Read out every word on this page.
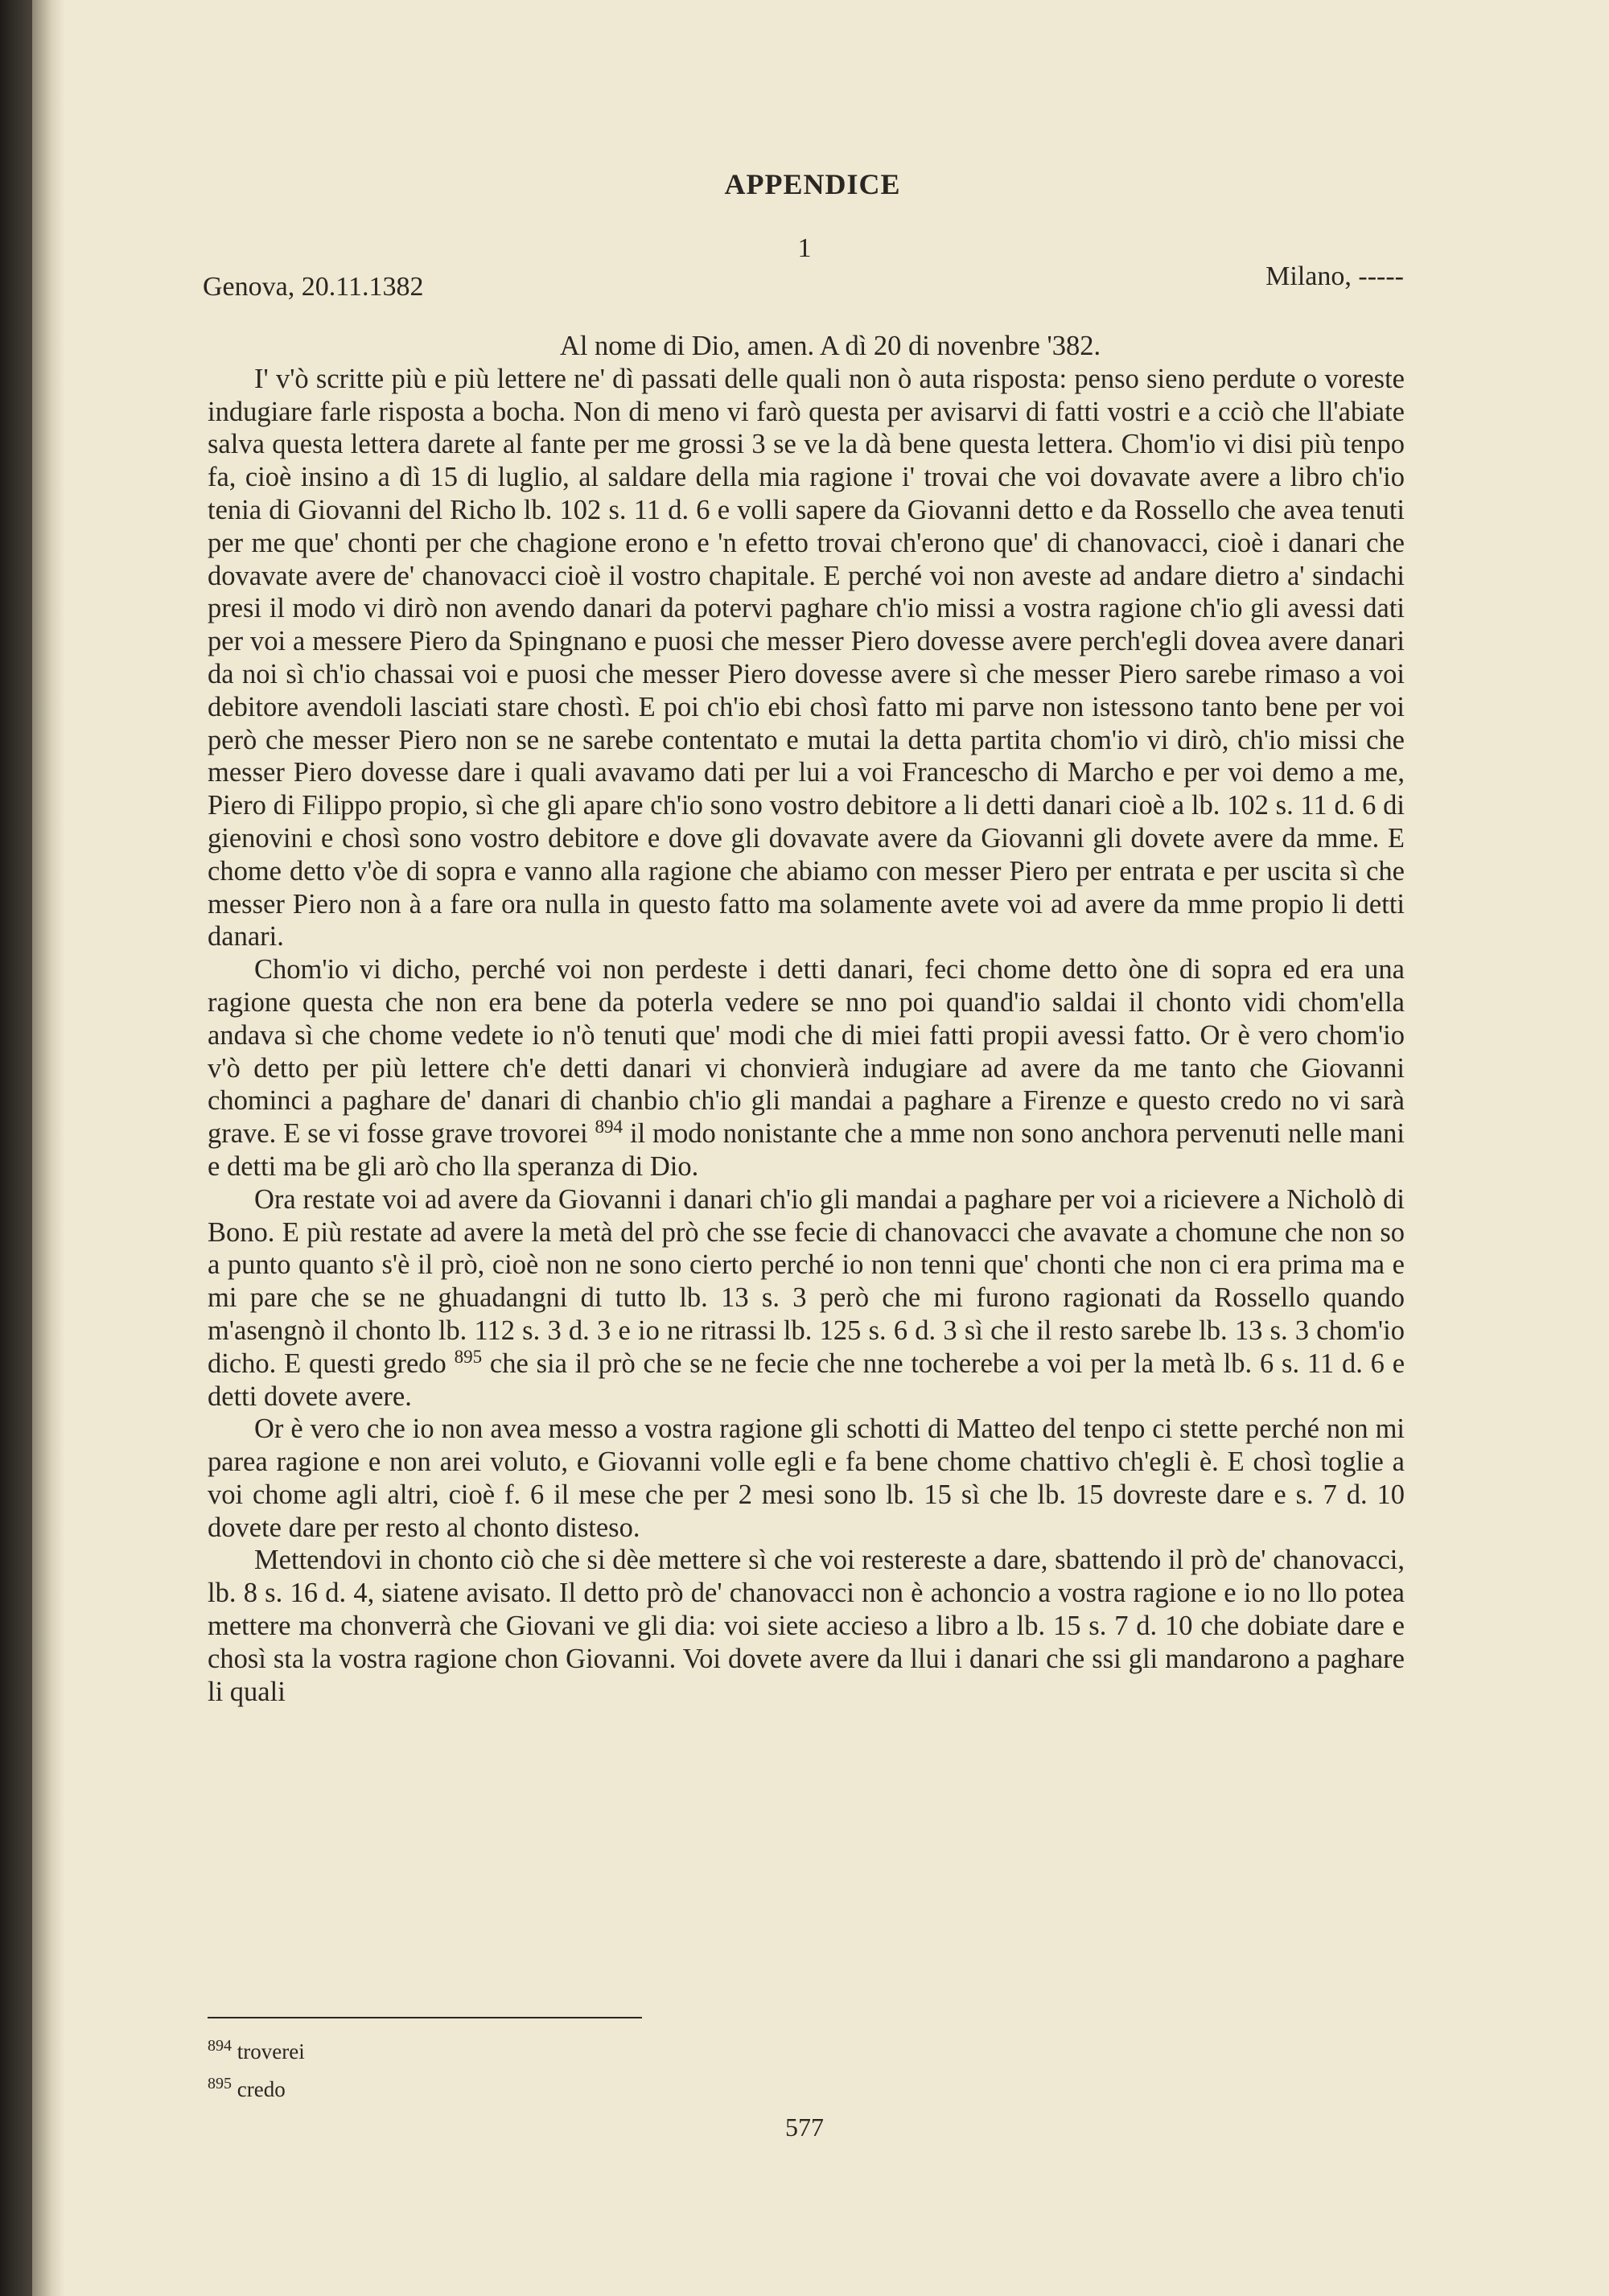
APPENDICE
1
Genova, 20.11.1382	Milano, -----

Al nome di Dio, amen. A dì 20 di novenbre '382.

I' v'ò scritte più e più lettere ne' dì passati delle quali non ò auta risposta: penso sieno perdute o voreste indugiare farle risposta a bocha. Non di meno vi farò questa per avisarvi di fatti vostri e a cciò che ll'abiate salva questa lettera darete al fante per me grossi 3 se ve la dà bene questa lettera. Chom'io vi disi più tenpo fa, cioè insino a dì 15 di luglio, al saldare della mia ragione i' trovai che voi dovavate avere a libro ch'io tenia di Giovanni del Richo lb. 102 s. 11 d. 6 e volli sapere da Giovanni detto e da Rossello che avea tenuti per me que' chonti per che chagione erono e 'n efetto trovai ch'erono que' di chanovacci, cioè i danari che dovavate avere de' chanovacci cioè il vostro chapitale. E perché voi non aveste ad andare dietro a' sindachi presi il modo vi dirò non avendo danari da potervi paghare ch'io missi a vostra ragione ch'io gli avessi dati per voi a messere Piero da Spingnano e puosi che messer Piero dovesse avere perch'egli dovea avere danari da noi sì ch'io chassai voi e puosi che messer Piero dovesse avere sì che messer Piero sarebe rimaso a voi debitore avendoli lasciati stare chostì. E poi ch'io ebi chosì fatto mi parve non istessono tanto bene per voi però che messer Piero non se ne sarebe contentato e mutai la detta partita chom'io vi dirò, ch'io missi che messer Piero dovesse dare i quali avavamo dati per lui a voi Francescho di Marcho e per voi demo a me, Piero di Filippo propio, sì che gli apare ch'io sono vostro debitore a li detti danari cioè a lb. 102 s. 11 d. 6 di gienovini e chosì sono vostro debitore e dove gli dovavate avere da Giovanni gli dovete avere da mme. E chome detto v'òe di sopra e vanno alla ragione che abiamo con messer Piero per entrata e per uscita sì che messer Piero non à a fare ora nulla in questo fatto ma solamente avete voi ad avere da mme propio li detti danari.

Chom'io vi dicho, perché voi non perdeste i detti danari, feci chome detto òne di sopra ed era una ragione questa che non era bene da poterla vedere se nno poi quand'io saldai il chonto vidi chom'ella andava sì che chome vedete io n'ò tenuti que' modi che di miei fatti propii avessi fatto. Or è vero chom'io v'ò detto per più lettere ch'e detti danari vi chonvierà indugiare ad avere da me tanto che Giovanni chominci a paghare de' danari di chanbio ch'io gli mandai a paghare a Firenze e questo credo no vi sarà grave. E se vi fosse grave trovorei $^{894}$ il modo nonistante che a mme non sono anchora pervenuti nelle mani e detti ma be gli arò cho lla speranza di Dio.

Ora restate voi ad avere da Giovanni i danari ch'io gli mandai a paghare per voi a ricievere a Nicholò di Bono. E più restate ad avere la metà del prò che sse fecie di chanovacci che avavate a chomune che non so a punto quanto s'è il prò, cioè non ne sono cierto perché io non tenni que' chonti che non ci era prima ma e mi pare che se ne ghuadangni di tutto lb. 13 s. 3 però che mi furono ragionati da Rossello quando m'asengnò il chonto lb. 112 s. 3 d. 3 e io ne ritrassi lb. 125 s. 6 d. 3 sì che il resto sarebe lb. 13 s. 3 chom'io dicho. E questi gredo $^{895}$ che sia il prò che se ne fecie che nne tocherebe a voi per la metà lb. 6 s. 11 d. 6 e detti dovete avere.

Or è vero che io non avea messo a vostra ragione gli schotti di Matteo del tenpo ci stette perché non mi parea ragione e non arei voluto, e Giovanni volle egli e fa bene chome chattivo ch'egli è. E chosì toglie a voi chome agli altri, cioè f. 6 il mese che per 2 mesi sono lb. 15 sì che lb. 15 dovreste dare e s. 7 d. 10 dovete dare per resto al chonto disteso.

Mettendovi in chonto ciò che si dèe mettere sì che voi restereste a dare, sbattendo il prò de' chanovacci, lb. 8 s. 16 d. 4, siatene avisato. Il detto prò de' chanovacci non è achoncio a vostra ragione e io no llo potea mettere ma chonverrà che Giovani ve gli dia: voi siete accieso a libro a lb. 15 s. 7 d. 10 che dobiate dare e chosì sta la vostra ragione chon Giovanni. Voi dovete avere da llui i danari che ssi gli mandarono a paghare li quali

$^{894}$ troverei
$^{895}$ credo
577
